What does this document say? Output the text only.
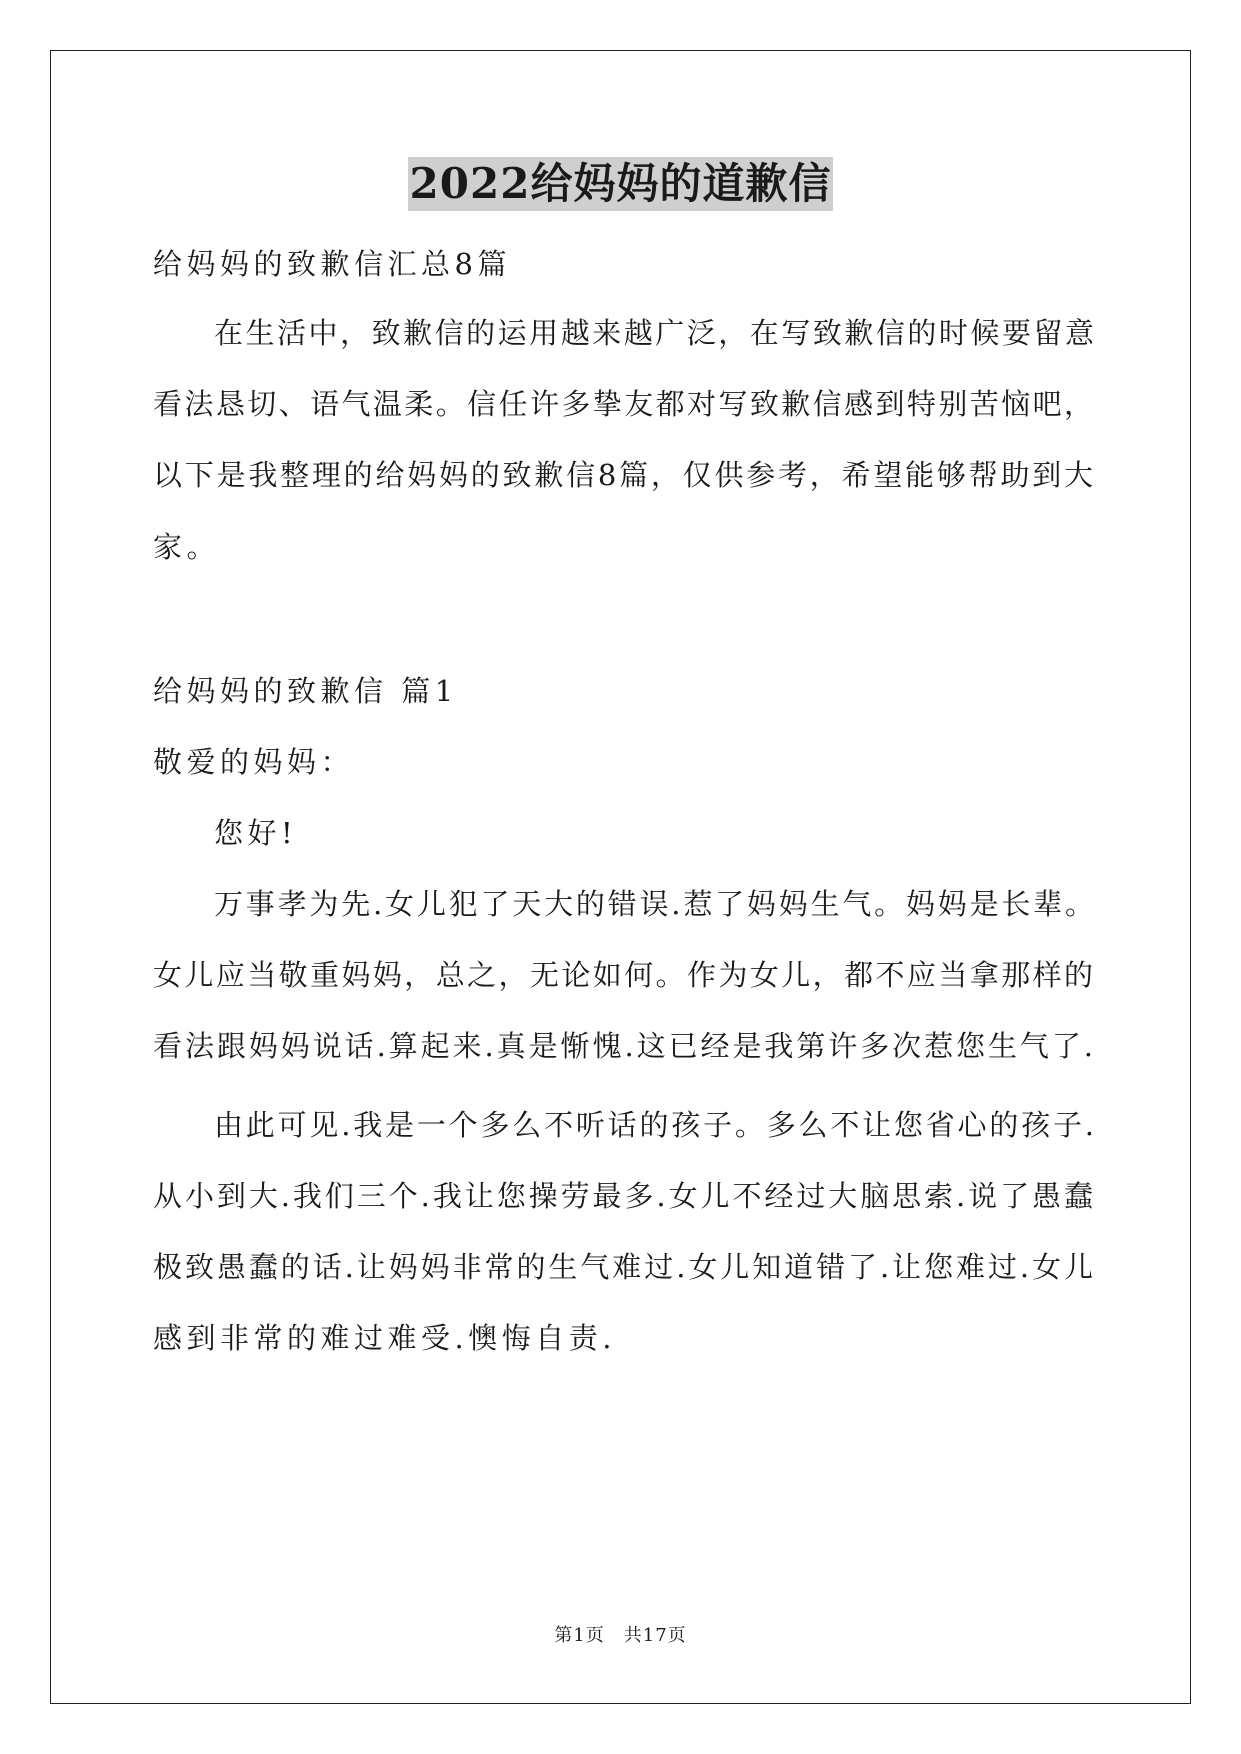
2022给妈妈的道歉信
给妈妈的致歉信汇总8篇
在生活中，致歉信的运用越来越广泛，在写致歉信的时候要留意
看法恳切、语气温柔。信任许多挚友都对写致歉信感到特别苦恼吧，
以下是我整理的给妈妈的致歉信8篇，仅供参考，希望能够帮助到大
家。
给妈妈的致歉信 篇1
敬爱的妈妈：
您好!
万事孝为先.女儿犯了天大的错误.惹了妈妈生气。妈妈是长辈。
女儿应当敬重妈妈，总之，无论如何。作为女儿，都不应当拿那样的
看法跟妈妈说话.算起来.真是惭愧.这已经是我第许多次惹您生气了.
由此可见.我是一个多么不听话的孩子。多么不让您省心的孩子.
从小到大.我们三个.我让您操劳最多.女儿不经过大脑思索.说了愚蠢
极致愚蠢的话.让妈妈非常的生气难过.女儿知道错了.让您难过.女儿
感到非常的难过难受.懊悔自责.
第1页　共17页
